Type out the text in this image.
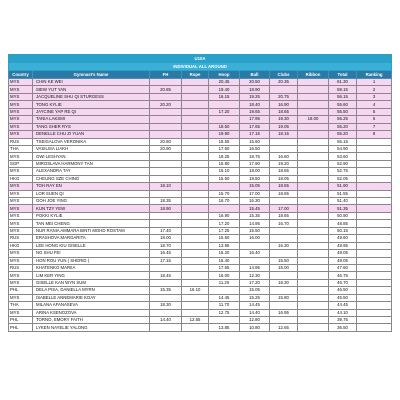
U10A									
INDIVIDUAL ALL AROUND									
Country	Gymnast's Name	FH	Rope	Hoop	Ball	Clubs	Ribbon	Total	Ranking
MYS	CHIN KE WEI			20.45	20.50	20.35		61.30	1
MYS	SIEW YUT YAN	20.85		19.40	18.90			59.15	2
MYS	JACQUELINE SHU QI STURGESS			16.15	19.25	20.75		56.15	3
MYS	TONG KYLIE	20.20			18.40	16.90		55.60	4
MYS	JAYCINE YAP RE QI			17.20	19.65	18.65		55.50	5
MYS	TANIA LAKSMI				17.95	19.30	18.00	55.25	6
MYS	TANG SHER RYS			18.50	17.65	19.05		55.20	7
MYS	DENELLE CHU ZI YUAN			19.90	17.15	18.15		55.20	8
RUS	TSEIGALOVA VERONIKA	20.80		18.55	15.60			55.15	
THA	VASILISA LIAKH	20.90		17.50	16.50			54.90	
MYS	GWI LESHYAN			18.25	18.75	16.60		53.60	
SGP	MIROSLAVA HARMONY TAN			15.80	17.90	19.20		52.90	
MYS	ALEXANDRA TAY			16.10	18.00	18.65		52.75	
HKG	CHEUNG SZE CHING			15.50	18.50	18.05		52.05	
MYS	TOH RAY EN	18.10			15.05	18.55		51.90	
MYS	LOR SUEN QI			15.70	17.00	18.65		51.55	
MYS	GOH JOE YING	18.35		16.70	16.30			51.40	
MYS	KUN TZY YEW	18.90			15.45	17.00		51.35	
MYS	POKKI KYLIE			16.90	15.35	18.65		50.90	
MYS	TAN MEI CHENG			17.20	14.95	16.70		48.85	
MYS	NUR RANIA AMMARA BINTI MOHD ROSTAM	17.40		17.25	15.50			50.15	
RUS	ERASHOVA MARGARITA	18.00		15.60	16.00			49.60	
HKG	LEE HONG KIU GISELLE	18.70		13.95		16.30		48.95	
MYS	NG SHU FEI	16.45		15.20	16.40			48.05	
MYS	HON ROU YUN ( SHERID )	17.15		15.40		15.50		48.05	
RUS	KHATENKO MARIIA			17.65	14.95	15.00		47.60	
MYS	LIM KER YING	18.45		16.00	12.30			46.75	
MYS	GISELLE KAN WYN SUM			11.20	17.20	18.30		46.70	
PHL	DELA PISA, DANIELLA MYRN	15.35	16.10		15.05			46.50	
MYS	ISABELLE ANNEMARIE KOAY			14.45	15.25	15.80		45.50	
THA	MILANA AFANASEVA	18.30		11.70	14.45			44.45	
MYS	ARINA KSENOZOVA			12.75	14.40	16.95		44.10	
PHL	TORNO, EMORY FAITH	14.40	12.55		12.80			39.75	
PHL	LYKEN NAYELIE YALONG			13.85	10.80	12.65		36.50	
